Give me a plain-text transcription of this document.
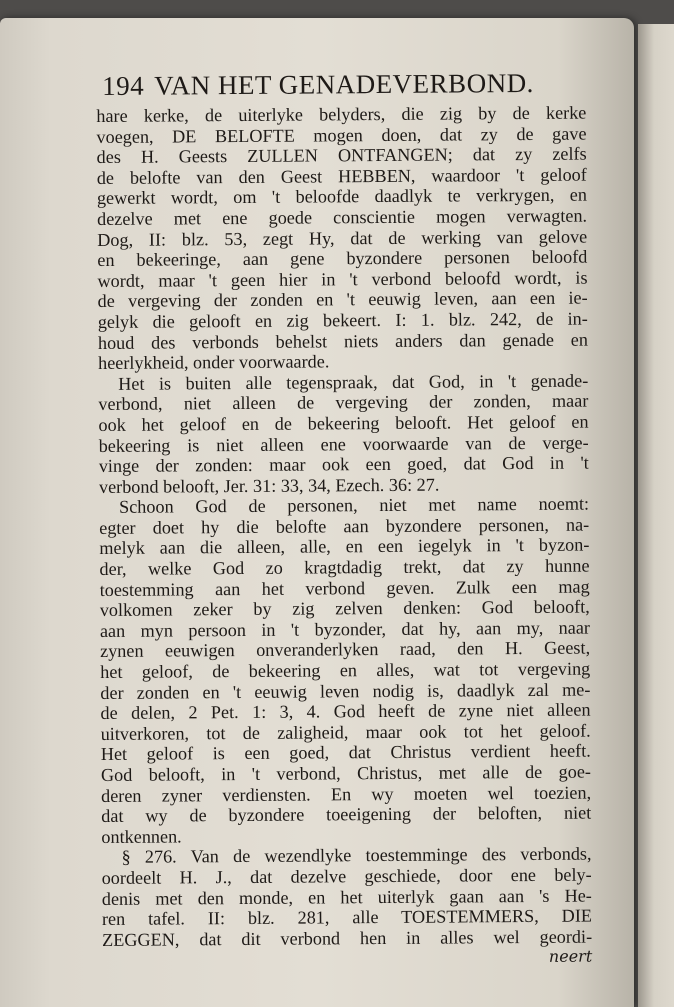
194 VAN HET GENADEVERBOND.
hare kerke, de uiterlyke belyders, die zig by de kerke
voegen, DE BELOFTE mogen doen, dat zy de gave
des H. Geests ZULLEN ONTFANGEN; dat zy zelfs
de belofte van den Geest HEBBEN, waardoor 't geloof
gewerkt wordt, om 't beloofde daadlyk te verkrygen, en
dezelve met ene goede conscientie mogen verwagten.
Dog, II: blz. 53, zegt Hy, dat de werking van gelove
en bekeeringe, aan gene byzondere personen beloofd
wordt, maar 't geen hier in 't verbond beloofd wordt, is
de vergeving der zonden en 't eeuwig leven, aan een ie-
gelyk die gelooft en zig bekeert. I: 1. blz. 242, de in-
houd des verbonds behelst niets anders dan genade en
heerlykheid, onder voorwaarde.
Het is buiten alle tegenspraak, dat God, in 't genade-
verbond, niet alleen de vergeving der zonden, maar
ook het geloof en de bekeering belooft. Het geloof en
bekeering is niet alleen ene voorwaarde van de verge-
vinge der zonden: maar ook een goed, dat God in 't
verbond belooft, Jer. 31: 33, 34, Ezech. 36: 27.
Schoon God de personen, niet met name noemt:
egter doet hy die belofte aan byzondere personen, na-
melyk aan die alleen, alle, en een iegelyk in 't byzon-
der, welke God zo kragtdadig trekt, dat zy hunne
toestemming aan het verbond geven. Zulk een mag
volkomen zeker by zig zelven denken: God belooft,
aan myn persoon in 't byzonder, dat hy, aan my, naar
zynen eeuwigen onveranderlyken raad, den H. Geest,
het geloof, de bekeering en alles, wat tot vergeving
der zonden en 't eeuwig leven nodig is, daadlyk zal me-
de delen, 2 Pet. 1: 3, 4. God heeft de zyne niet alleen
uitverkoren, tot de zaligheid, maar ook tot het geloof.
Het geloof is een goed, dat Christus verdient heeft.
God belooft, in 't verbond, Christus, met alle de goe-
deren zyner verdiensten. En wy moeten wel toezien,
dat wy de byzondere toeeigening der beloften, niet
ontkennen.
§ 276. Van de wezendlyke toestemminge des verbonds,
oordeelt H. J., dat dezelve geschiede, door ene bely-
denis met den monde, en het uiterlyk gaan aan 's He-
ren tafel. II: blz. 281, alle TOESTEMMERS, DIE
ZEGGEN, dat dit verbond hen in alles wel geordi-
neert
